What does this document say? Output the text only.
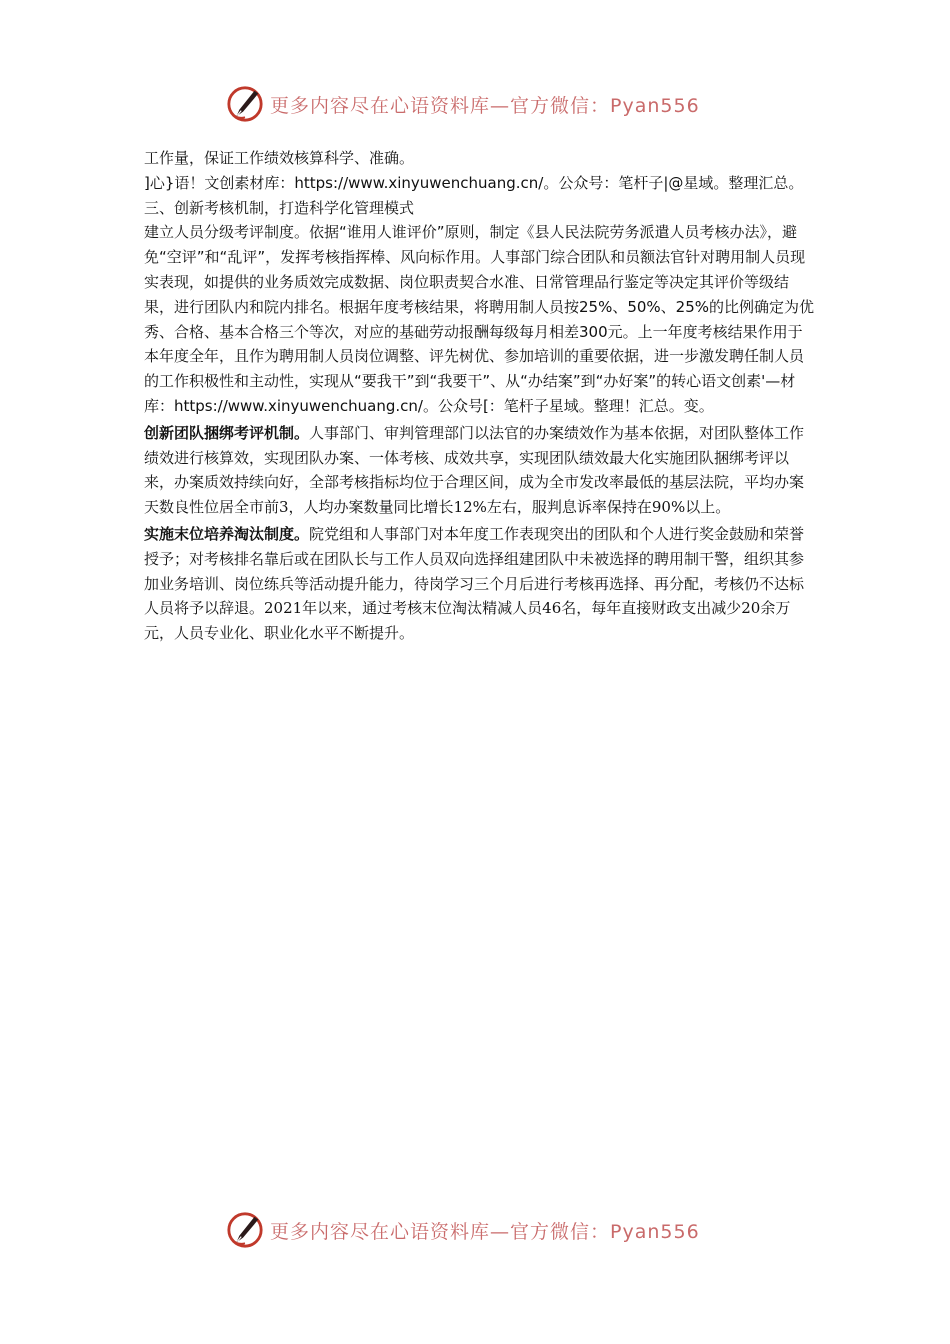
更多内容尽在心语资料库—官方微信：Pyan556

工作量，保证工作绩效核算科学、准确。

]心}语！文创素材库：https://www.xinyuwenchuang.cn/。公众号：笔杆子|@星域。整理汇总。三、创新考核机制，打造科学化管理模式

建立人员分级考评制度。依据“谁用人谁评价”原则，制定《县人民法院劳务派遣人员考核办法》，避免“空评”和“乱评”，发挥考核指挥棒、风向标作用。人事部门综合团队和员额法官针对聘用制人员现实表现，如提供的业务质效完成数据、岗位职责契合水准、日常管理品行鉴定等决定其评价等级结果，进行团队内和院内排名。根据年度考核结果，将聘用制人员按25%、50%、25%的比例确定为优秀、合格、基本合格三个等次，对应的基础劳动报酬每级每月相差300元。上一年度考核结果作用于本年度全年，且作为聘用制人员岗位调整、评先树优、参加培训的重要依据，进一步激发聘任制人员的工作积极性和主动性，实现从“要我干”到“我要干”、从“办结案”到“办好案”的转心语文创素'—材库：https://www.xinyuwenchuang.cn/。公众号[：笔杆子星域。整理！汇总。变。

创新团队捆绑考评机制。人事部门、审判管理部门以法官的办案绩效作为基本依据，对团队整体工作绩效进行核算效，实现团队办案、一体考核、成效共享，实现团队绩效最大化实施团队捆绑考评以来，办案质效持续向好，全部考核指标均位于合理区间，成为全市发改率最低的基层法院，平均办案天数良性位居全市前3，人均办案数量同比增长12%左右，服判息诉率保持在90%以上。

实施末位培养淘汰制度。院党组和人事部门对本年度工作表现突出的团队和个人进行奖金鼓励和荣誉授予；对考核排名靠后或在团队长与工作人员双向选择组建团队中未被选择的聘用制干警，组织其参加业务培训、岗位练兵等活动提升能力，待岗学习三个月后进行考核再选择、再分配，考核仍不达标人员将予以辞退。2021年以来，通过考核末位淘汰精减人员46名，每年直接财政支出减少20余万元，人员专业化、职业化水平不断提升。

更多内容尽在心语资料库—官方微信：Pyan556
